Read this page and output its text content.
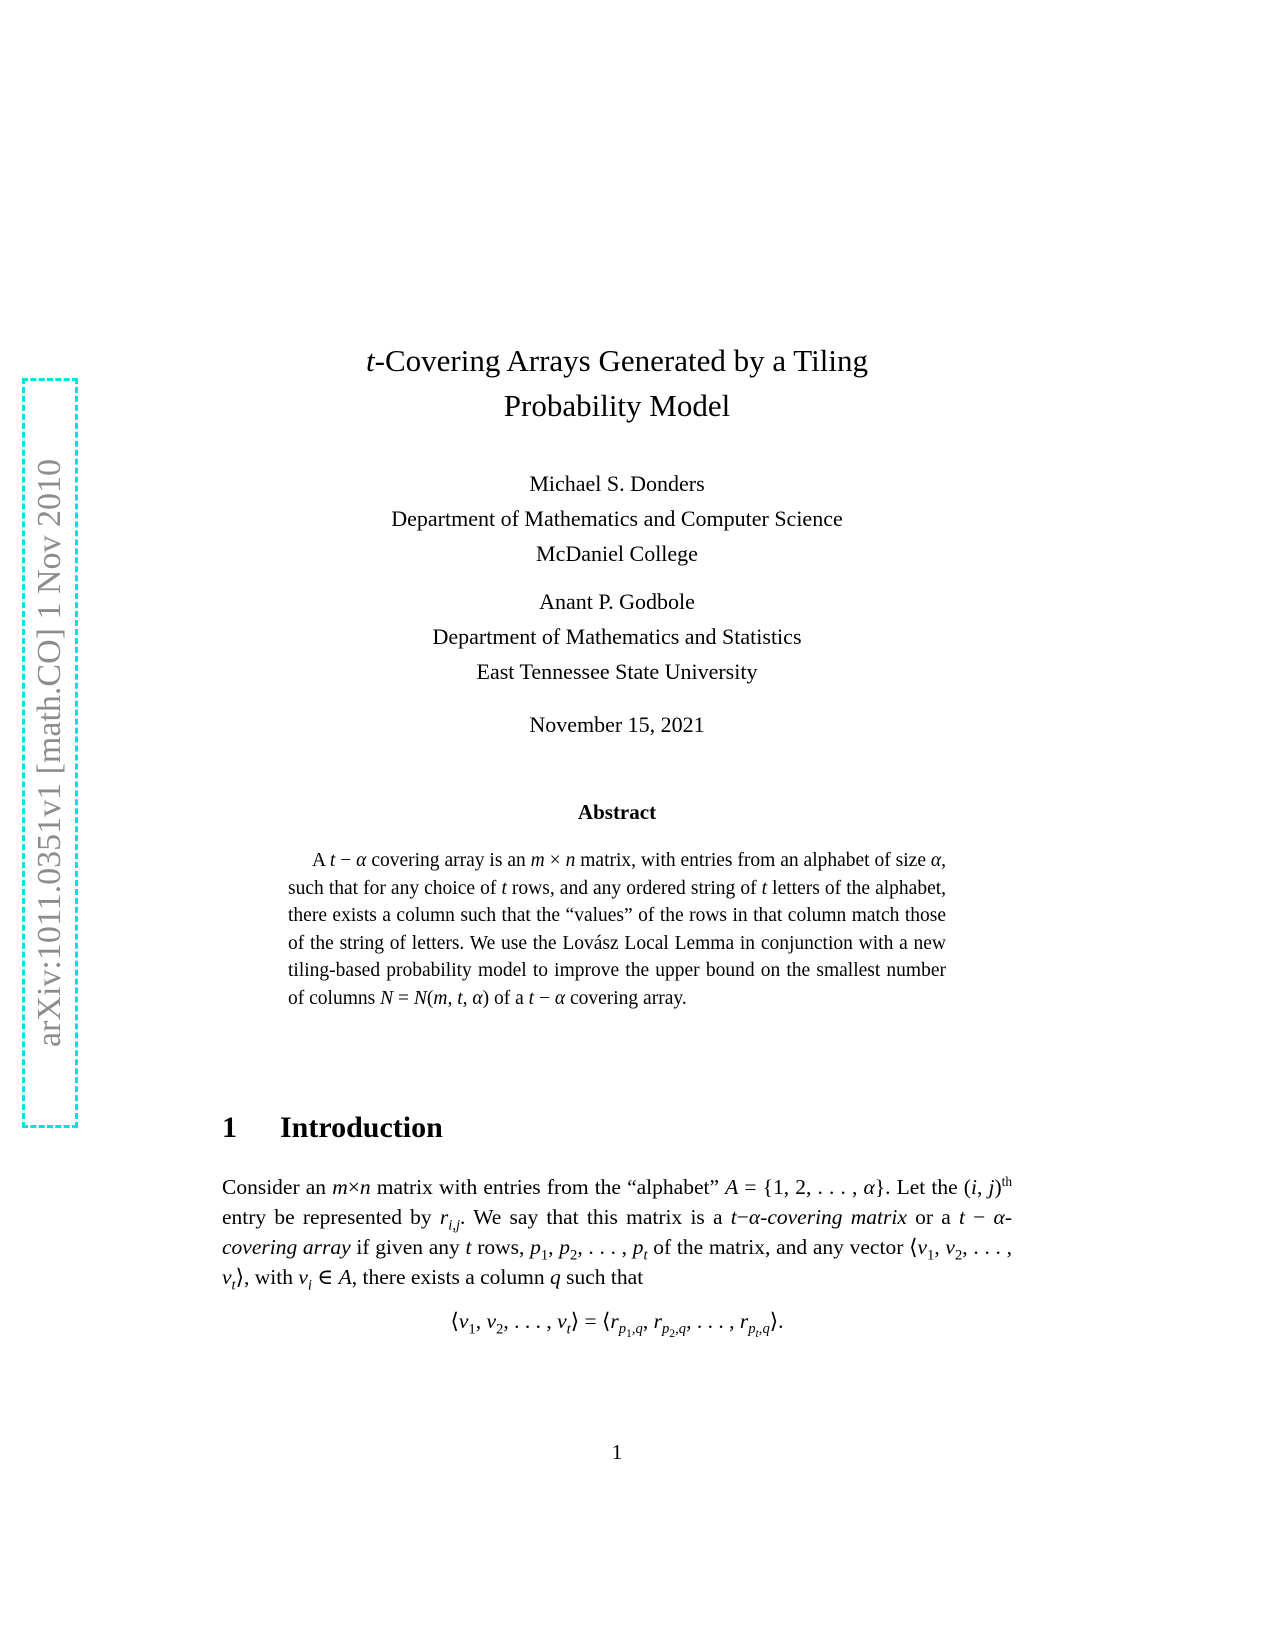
arXiv:1011.0351v1 [math.CO] 1 Nov 2010
t-Covering Arrays Generated by a Tiling
Probability Model
Michael S. Donders
Department of Mathematics and Computer Science
McDaniel College
Anant P. Godbole
Department of Mathematics and Statistics
East Tennessee State University
November 15, 2021
Abstract

A t − α covering array is an m × n matrix, with entries from an alphabet of size α, such that for any choice of t rows, and any ordered string of t letters of the alphabet, there exists a column such that the “values” of the rows in that column match those of the string of letters. We use the Lovász Local Lemma in conjunction with a new tiling-based probability model to improve the upper bound on the smallest number of columns N = N(m, t, α) of a t − α covering array.

1 Introduction

Consider an m×n matrix with entries from the “alphabet” A = {1, 2, . . . , α}. Let the (i, j)$^{th}$ entry be represented by $r_{i,j}$. We say that this matrix is a t−α-covering matrix or a t − α-covering array if given any t rows, $p_1$, $p_2$, . . . , $p_t$ of the matrix, and any vector $⟨v_1$, $v_2$, . . . , $v_t⟩$, with $v_i$ ∈ A, there exists a column q such that

$⟨v_1$, $v_2$, . . . , $v_t⟩$ = $⟨r_{p_1,q}$, $r_{p_2,q}$, . . . , $r_{p_t,q}⟩$.
1
